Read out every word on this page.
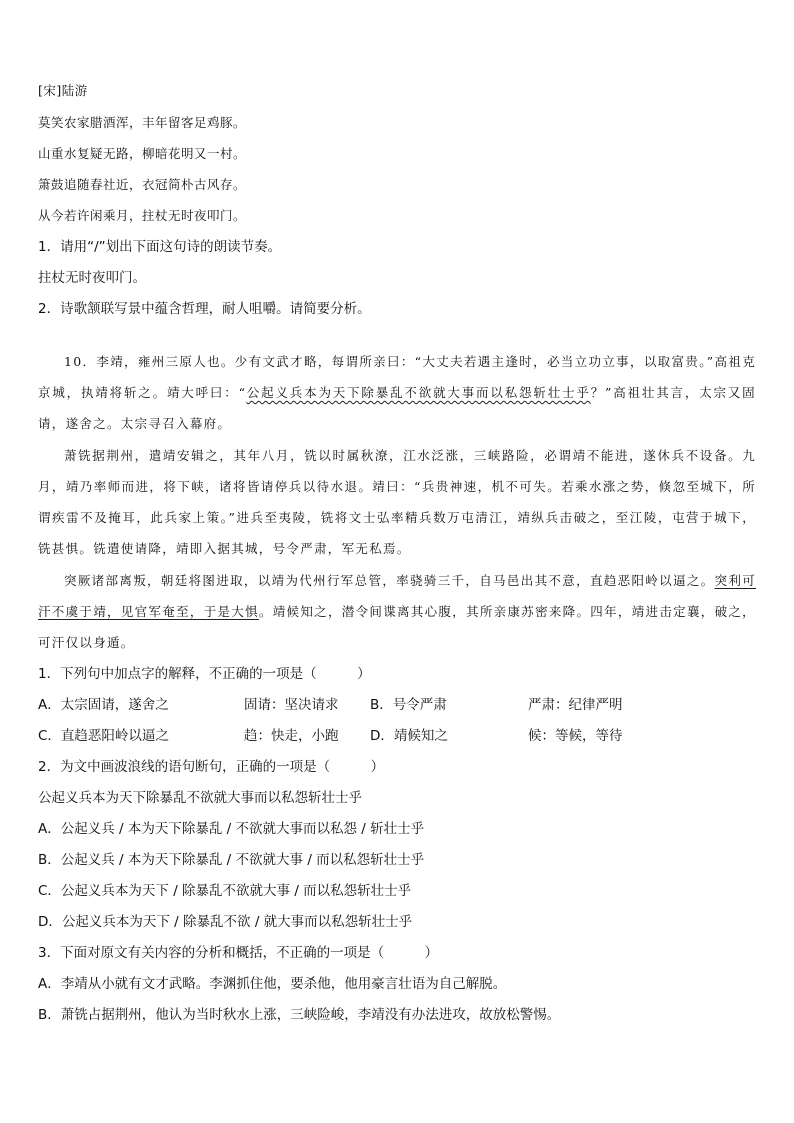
[宋]陆游
莫笑农家腊酒浑，丰年留客足鸡豚。
山重水复疑无路，柳暗花明又一村。
箫鼓追随春社近，衣冠简朴古风存。
从今若许闲乘月，拄杖无时夜叩门。
1．请用“/”划出下面这句诗的朗读节奏。
拄杖无时夜叩门。
2．诗歌颔联写景中蕴含哲理，耐人咀嚼。请简要分析。
10．李靖，雍州三原人也。少有文武才略，每谓所亲曰：“大丈夫若遇主逢时，必当立功立事，以取富贵。”高祖克京城，执靖将斩之。靖大呼曰：“公起义兵本为天下除暴乱不欲就大事而以私怨斩壮士乎？”高祖壮其言，太宗又固请，遂舍之。太宗寻召入幕府。
萧铣据荆州，遣靖安辑之，其年八月，铣以时属秋潦，江水泛涨，三峡路险，必谓靖不能进，遂休兵不设备。九月，靖乃率师而进，将下峡，诸将皆请停兵以待水退。靖曰：“兵贵神速，机不可失。若乘水涨之势，倏忽至城下，所谓疾雷不及掩耳，此兵家上策。”进兵至夷陵，铣将文士弘率精兵数万屯清江，靖纵兵击破之，至江陵，屯营于城下，铣甚惧。铣遣使请降，靖即入据其城，号令严肃，军无私焉。
突厥诸部离叛，朝廷将图进取，以靖为代州行军总管，率骁骑三千，自马邑出其不意，直趋恶阳岭以逼之。突利可汗不虞于靖，见官军奄至，于是大惧。靖候知之，潜令间谍离其心腹，其所亲康苏密来降。四年，靖进击定襄，破之，可汗仅以身遁。
1．下列句中加点字的解释，不正确的一项是（　　　）
A．太宗固请，遂舍之	固请：坚决请求 B．号令严肃	严肃：纪律严明
C．直趋恶阳岭以逼之	趋：快走，小跑 D．靖候知之	候：等候，等待
2．为文中画波浪线的语句断句，正确的一项是（　　　）
公起义兵本为天下除暴乱不欲就大事而以私怨斩壮士乎
A．公起义兵 / 本为天下除暴乱 / 不欲就大事而以私怨 / 斩壮士乎
B．公起义兵 / 本为天下除暴乱 / 不欲就大事 / 而以私怨斩壮士乎
C．公起义兵本为天下 / 除暴乱不欲就大事 / 而以私怨斩壮士乎
D．公起义兵本为天下 / 除暴乱不欲 / 就大事而以私怨斩壮士乎
3．下面对原文有关内容的分析和概括，不正确的一项是（　　　）
A．李靖从小就有文才武略。李渊抓住他，要杀他，他用豪言壮语为自己解脱。
B．萧铣占据荆州，他认为当时秋水上涨，三峡险峻，李靖没有办法进攻，故放松警惕。
